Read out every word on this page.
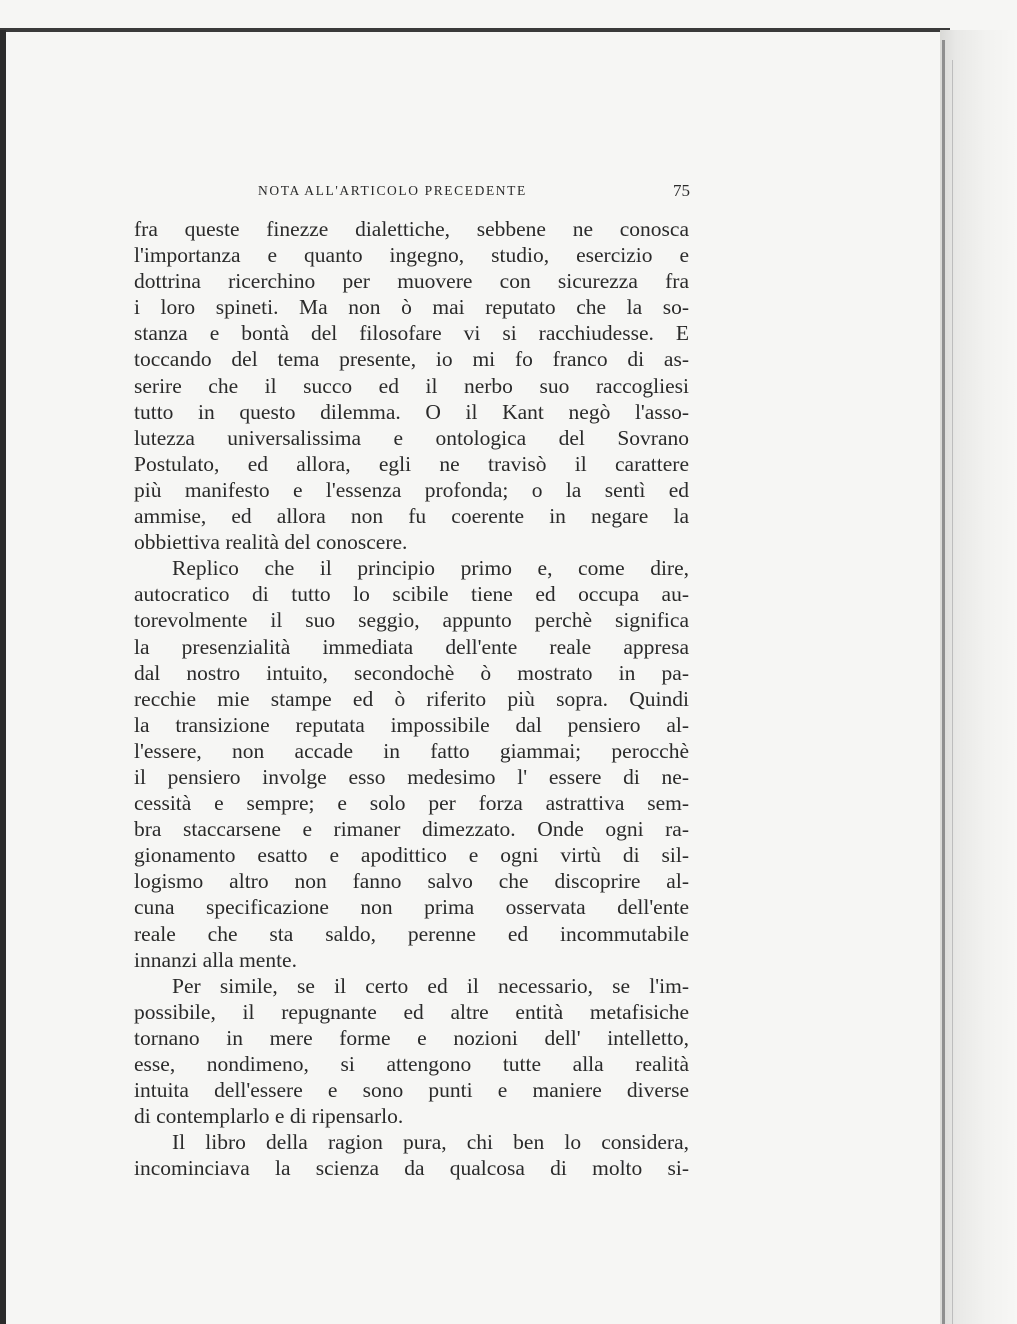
NOTA ALL'ARTICOLO PRECEDENTE	75
fra queste finezze dialettiche, sebbene ne conosca
l'importanza e quanto ingegno, studio, esercizio e
dottrina ricerchino per muovere con sicurezza fra
i loro spineti. Ma non ò mai reputato che la so-
stanza e bontà del filosofare vi si racchiudesse. E
toccando del tema presente, io mi fo franco di as-
serire che il succo ed il nerbo suo raccogliesi
tutto in questo dilemma. O il Kant negò l'asso-
lutezza universalissima e ontologica del Sovrano
Postulato, ed allora, egli ne travisò il carattere
più manifesto e l'essenza profonda; o la sentì ed
ammise, ed allora non fu coerente in negare la
obbiettiva realità del conoscere.
Replico che il principio primo e, come dire,
autocratico di tutto lo scibile tiene ed occupa au-
torevolmente il suo seggio, appunto perchè significa
la presenzialità immediata dell'ente reale appresa
dal nostro intuito, secondochè ò mostrato in pa-
recchie mie stampe ed ò riferito più sopra. Quindi
la transizione reputata impossibile dal pensiero al-
l'essere, non accade in fatto giammai; perocchè
il pensiero involge esso medesimo l' essere di ne-
cessità e sempre; e solo per forza astrattiva sem-
bra staccarsene e rimaner dimezzato. Onde ogni ra-
gionamento esatto e apodittico e ogni virtù di sil-
logismo altro non fanno salvo che discoprire al-
cuna specificazione non prima osservata dell'ente
reale che sta saldo, perenne ed incommutabile
innanzi alla mente.
Per simile, se il certo ed il necessario, se l'im-
possibile, il repugnante ed altre entità metafisiche
tornano in mere forme e nozioni dell' intelletto,
esse, nondimeno, si attengono tutte alla realità
intuita dell'essere e sono punti e maniere diverse
di contemplarlo e di ripensarlo.
Il libro della ragion pura, chi ben lo considera,
incominciava la scienza da qualcosa di molto si-
